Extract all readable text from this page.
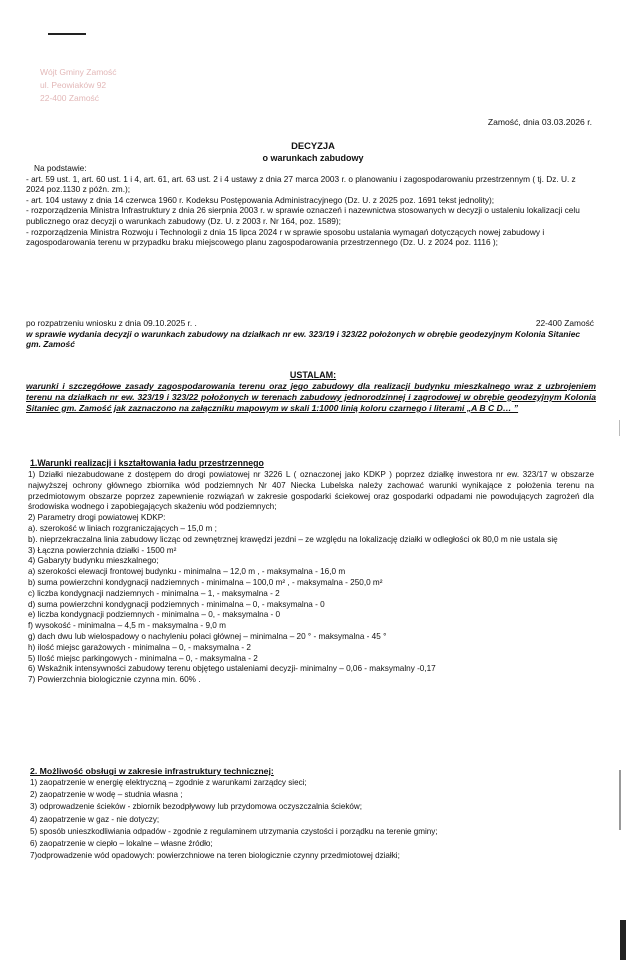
Wójt Gminy Zamość
ul. Peowiaków 92
22-400 Zamość
Zamość, dnia 03.03.2026 r.
DECYZJA
o warunkach zabudowy

Na podstawie:

- art. 59 ust. 1, art. 60 ust. 1 i 4, art. 61, art. 63 ust. 2 i 4 ustawy z dnia 27 marca 2003 r. o planowaniu i zagospodarowaniu przestrzennym ( tj. Dz. U. z 2024 poz.1130 z późn. zm.);

- art. 104 ustawy z dnia 14 czerwca 1960 r. Kodeksu Postępowania Administracyjnego (Dz. U. z 2025 poz. 1691 tekst jednolity);

- rozporządzenia Ministra Infrastruktury z dnia 26 sierpnia 2003 r. w sprawie oznaczeń i nazewnictwa stosowanych w decyzji o ustaleniu lokalizacji celu publicznego oraz decyzji o warunkach zabudowy (Dz. U. z 2003 r. Nr 164, poz. 1589);

- rozporządzenia Ministra Rozwoju i Technologii z dnia 15 lipca 2024 r w sprawie sposobu ustalania wymagań dotyczących nowej zabudowy i zagospodarowania terenu w przypadku braku miejscowego planu zagospodarowania przestrzennego (Dz. U. z 2024 poz. 1116 );

po rozpatrzeniu wniosku z dnia 09.10.2025 r. .	22-400 Zamość
w sprawie wydania decyzji o warunkach zabudowy na działkach nr ew. 323/19 i 323/22 położonych w obrębie geodezyjnym Kolonia Sitaniec gm. Zamość
USTALAM:
warunki i szczegółowe zasady zagospodarowania terenu oraz jego zabudowy dla realizacji budynku mieszkalnego wraz z uzbrojeniem terenu na działkach nr ew. 323/19 i 323/22 położonych w terenach zabudowy jednorodzinnej i zagrodowej w obrębie geodezyjnym Kolonia Sitaniec gm. Zamość jak zaznaczono na załączniku mapowym w skali 1:1000 linią koloru czarnego i literami „A B C D… ”
1.Warunki realizacji i kształtowania ładu przestrzennego
1) Działki niezabudowane z dostępem do drogi powiatowej nr 3226 L ( oznaczonej jako KDKP ) poprzez działkę inwestora nr ew. 323/17 w obszarze najwyższej ochrony głównego zbiornika wód podziemnych Nr 407 Niecka Lubelska należy zachować warunki wynikające z położenia terenu na przedmiotowym obszarze poprzez zapewnienie rozwiązań w zakresie gospodarki ściekowej oraz gospodarki odpadami nie powodujących zagrożeń dla środowiska wodnego i zapobiegających skażeniu wód podziemnych;
2) Parametry drogi powiatowej KDKP:
a). szerokość w liniach rozgraniczających – 15,0 m ;
b). nieprzekraczalna linia zabudowy licząc od zewnętrznej krawędzi jezdni – ze względu na lokalizację działki w odległości ok 80,0 m nie ustala się
3) Łączna powierzchnia działki - 1500 m²
4) Gabaryty budynku mieszkalnego;
a) szerokości elewacji frontowej budynku - minimalna – 12,0 m , - maksymalna - 16,0 m
b) suma powierzchni kondygnacji nadziemnych - minimalna – 100,0 m² , - maksymalna - 250,0 m²
c) liczba kondygnacji nadziemnych - minimalna – 1, - maksymalna - 2
d) suma powierzchni kondygnacji podziemnych - minimalna – 0, - maksymalna - 0
e) liczba kondygnacji podziemnych - minimalna – 0, - maksymalna - 0
f) wysokość - minimalna – 4,5 m - maksymalna - 9,0 m
g) dach dwu lub wielospadowy o nachyleniu połaci głównej – minimalna – 20 ° - maksymalna - 45 °
h) ilość miejsc garażowych - minimalna – 0, - maksymalna - 2
5) Ilość miejsc parkingowych - minimalna – 0, - maksymalna - 2
6) Wskaźnik intensywności zabudowy terenu objętego ustaleniami decyzji- minimalny – 0,06 - maksymalny -0,17
7) Powierzchnia biologicznie czynna min. 60% .
2. Możliwość obsługi w zakresie infrastruktury technicznej:
1) zaopatrzenie w energię elektryczną – zgodnie z warunkami zarządcy sieci;
2) zaopatrzenie w wodę – studnia własna ;
3) odprowadzenie ścieków - zbiornik bezodpływowy lub przydomowa oczyszczalnia ścieków;
4) zaopatrzenie w gaz - nie dotyczy;
5) sposób unieszkodliwiania odpadów - zgodnie z regulaminem utrzymania czystości i porządku na terenie gminy;
6) zaopatrzenie w ciepło – lokalne – własne źródło;
7)odprowadzenie wód opadowych: powierzchniowe na teren biologicznie czynny przedmiotowej działki;
